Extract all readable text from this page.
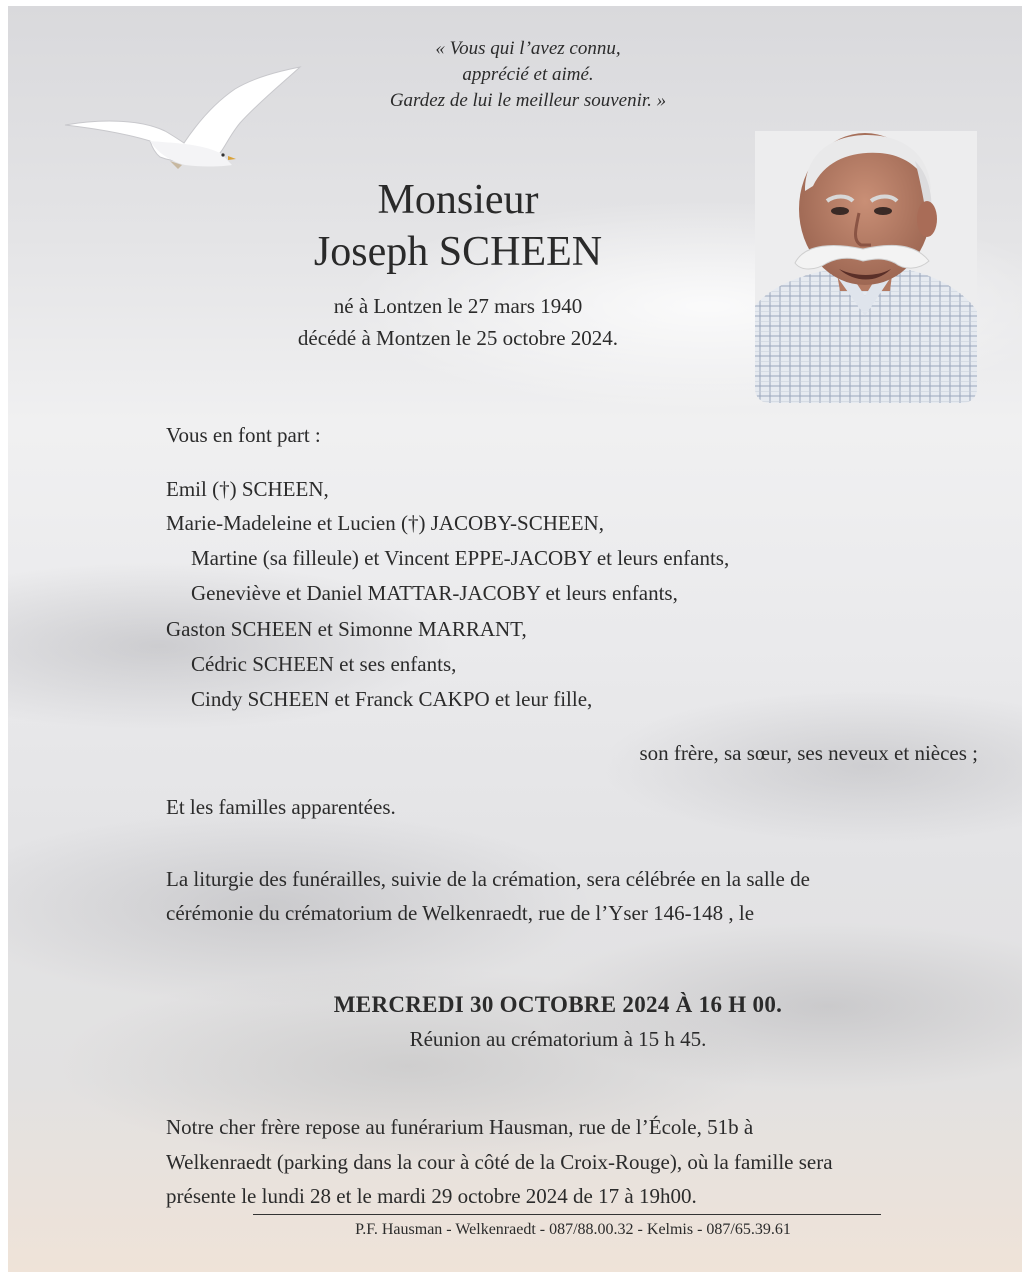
« Vous qui l’avez connu,
apprécié et aimé.
Gardez de lui le meilleur souvenir. »
Monsieur
Joseph SCHEEN
né à Lontzen le 27 mars 1940
décédé à Montzen le 25 octobre 2024.
Vous en font part :
Emil (†) SCHEEN,
Marie-Madeleine et Lucien (†) JACOBY-SCHEEN,
Martine (sa filleule) et Vincent EPPE-JACOBY et leurs enfants,
Geneviève et Daniel MATTAR-JACOBY et leurs enfants,
Gaston SCHEEN et Simonne MARRANT,
Cédric SCHEEN et ses enfants,
Cindy SCHEEN et Franck CAKPO et leur fille,
son frère, sa sœur, ses neveux et nièces ;
Et les familles apparentées.
La liturgie des funérailles, suivie de la crémation, sera célébrée en la salle de
cérémonie du crématorium de Welkenraedt, rue de l’Yser 146-148 , le
MERCREDI 30 OCTOBRE 2024 À 16 H 00.
Réunion au crématorium à 15 h 45.
Notre cher frère repose au funérarium Hausman, rue de l’École, 51b à
Welkenraedt (parking dans la cour à côté de la Croix-Rouge), où la famille sera
présente le lundi 28 et le mardi 29 octobre 2024 de 17 à 19h00.
P.F. Hausman - Welkenraedt - 087/88.00.32 - Kelmis - 087/65.39.61
